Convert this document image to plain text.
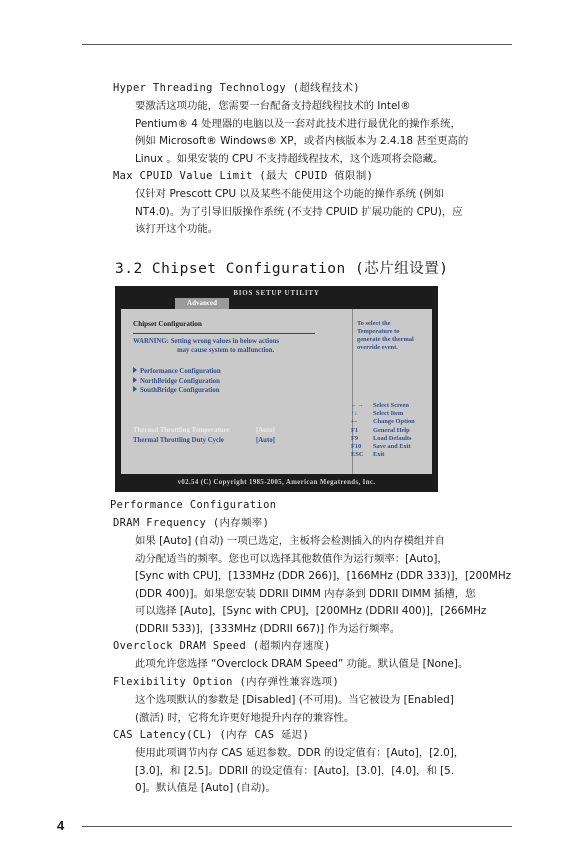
Hyper Threading Technology (超线程技术)
要激活这项功能，您需要一台配备支持超线程技术的 Intel®
Pentium® 4 处理器的电脑以及一套对此技术进行最优化的操作系统，
例如 Microsoft® Windows® XP，或者内核版本为 2.4.18 甚至更高的
Linux 。如果安装的 CPU 不支持超线程技术，这个选项将会隐藏。
Max CPUID Value Limit (最大 CPUID 值限制)
仅针对 Prescott CPU 以及某些不能使用这个功能的操作系统 (例如
NT4.0)。为了引导旧版操作系统 (不支持 CPUID 扩展功能的 CPU)，应
该打开这个功能。
3.2 Chipset Configuration (芯片组设置)
BIOS SETUP UTILITY
Advanced
Chipset Configuration
WARNING: Setting wrong values in below actions
may cause system to malfunction.
Performance Configuration
NorthBridge Configuration
SouthBridge Configuration
Thermal Throttling Temperature	[Auto]
Thermal Throttling Duty Cycle	[Auto]
To select the
Temperature to
generate the thermal
override event.
←→ Select Screen
↑↓ Select Item
+-	Change Option
F1 General Help
F9 Load Defaults
F10 Save and Exit
ESC Exit
v02.54 (C) Copyright 1985-2005, American Megatrends, Inc.
Performance Configuration
DRAM Frequency (内存频率)
如果 [Auto] (自动) 一项已选定，主板将会检测插入的内存模组并自
动分配适当的频率。您也可以选择其他数值作为运行频率：[Auto]，
[Sync with CPU]，[133MHz (DDR 266)]，[166MHz (DDR 333)]，[200MHz
(DDR 400)]。如果您安装 DDRII DIMM 内存条到 DDRII DIMM 插槽，您
可以选择 [Auto]，[Sync with CPU]，[200MHz (DDRII 400)]，[266MHz
(DDRII 533)]，[333MHz (DDRII 667)] 作为运行频率。
Overclock DRAM Speed (超频内存速度)
此项允许您选择 “Overclock DRAM Speed” 功能。默认值是 [None]。
Flexibility Option (内存弹性兼容选项)
这个选项默认的参数是 [Disabled] (不可用)。当它被设为 [Enabled]
(激活) 时，它将允许更好地提升内存的兼容性。
CAS Latency(CL) (内存 CAS 延迟)
使用此项调节内存 CAS 延迟参数。DDR 的设定值有：[Auto]，[2.0]，
[3.0]，和 [2.5]。DDRII 的设定值有：[Auto]，[3.0]，[4.0]，和 [5.
0]。默认值是 [Auto] (自动)。
4
